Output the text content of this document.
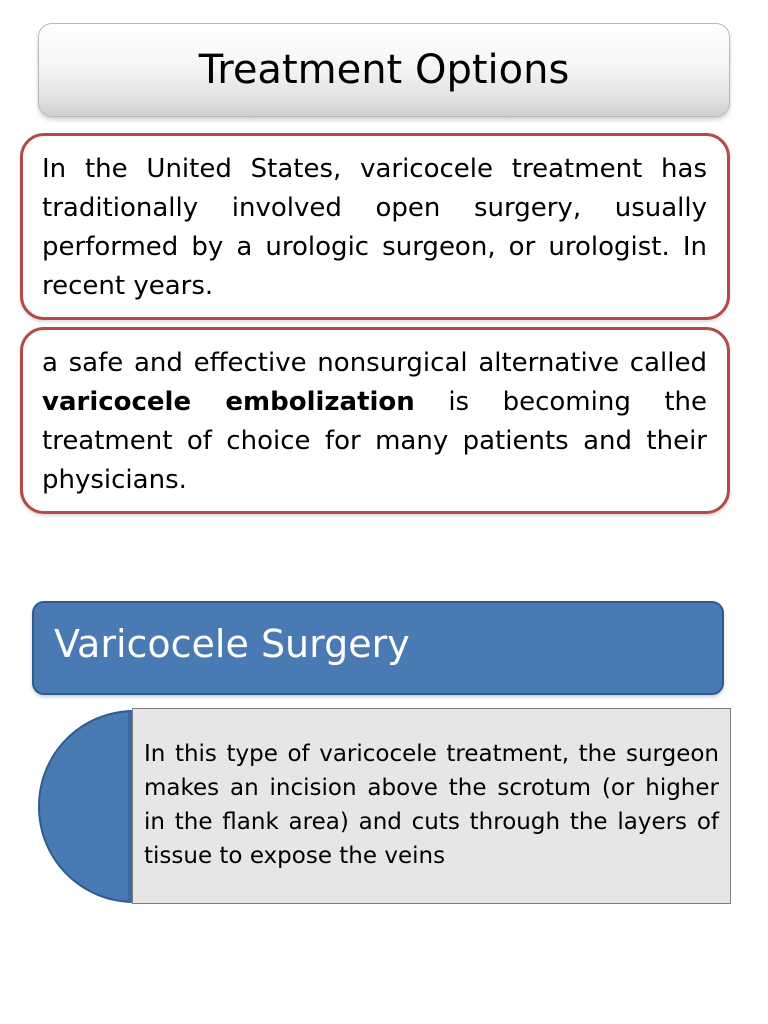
Treatment Options

In the United States, varicocele treatment has traditionally involved open surgery, usually performed by a urologic surgeon, or urologist. In recent years.

a safe and effective nonsurgical alternative called varicocele embolization is becoming the treatment of choice for many patients and their physicians.

Varicocele Surgery

In this type of varicocele treatment, the surgeon makes an incision above the scrotum (or higher in the flank area) and cuts through the layers of tissue to expose the veins
